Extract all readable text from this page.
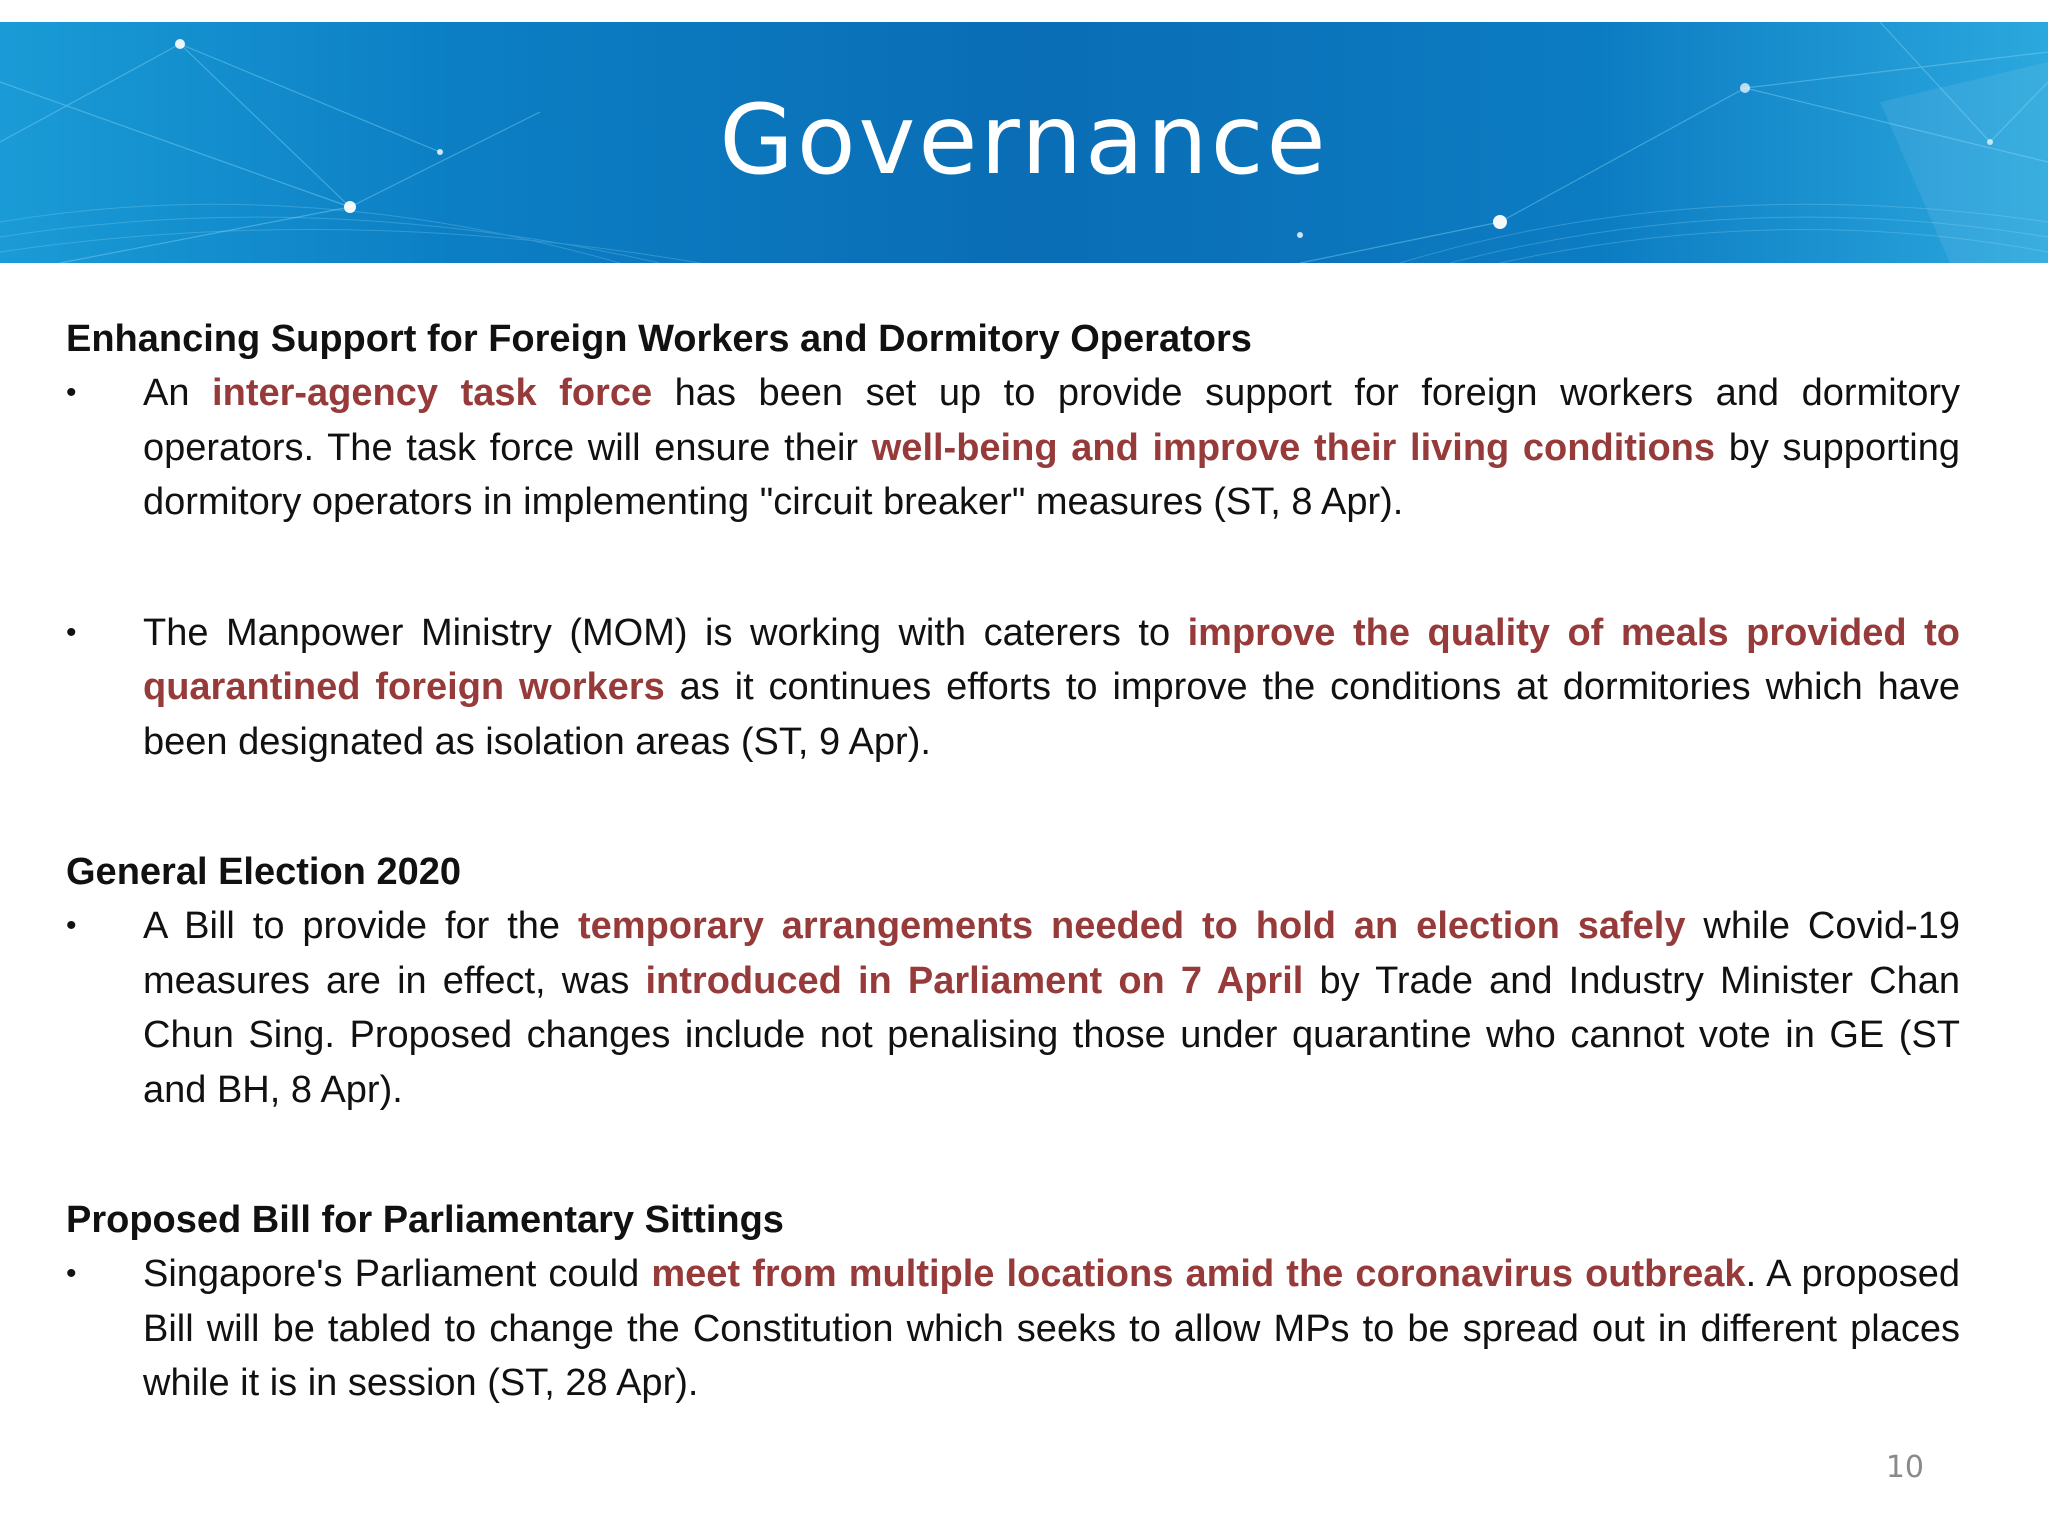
Governance

Enhancing Support for Foreign Workers and Dormitory Operators

•	An inter-agency task force has been set up to provide support for foreign workers and dormitory operators. The task force will ensure their well-being and improve their living conditions by supporting dormitory operators in implementing "circuit breaker" measures (ST, 8 Apr).
•	The Manpower Ministry (MOM) is working with caterers to improve the quality of meals provided to quarantined foreign workers as it continues efforts to improve the conditions at dormitories which have been designated as isolation areas (ST, 9 Apr).

General Election 2020

•	A Bill to provide for the temporary arrangements needed to hold an election safely while Covid-19 measures are in effect, was introduced in Parliament on 7 April by Trade and Industry Minister Chan Chun Sing. Proposed changes include not penalising those under quarantine who cannot vote in GE (ST and BH, 8 Apr).

Proposed Bill for Parliamentary Sittings

•	Singapore's Parliament could meet from multiple locations amid the coronavirus outbreak. A proposed Bill will be tabled to change the Constitution which seeks to allow MPs to be spread out in different places while it is in session (ST, 28 Apr).
10
